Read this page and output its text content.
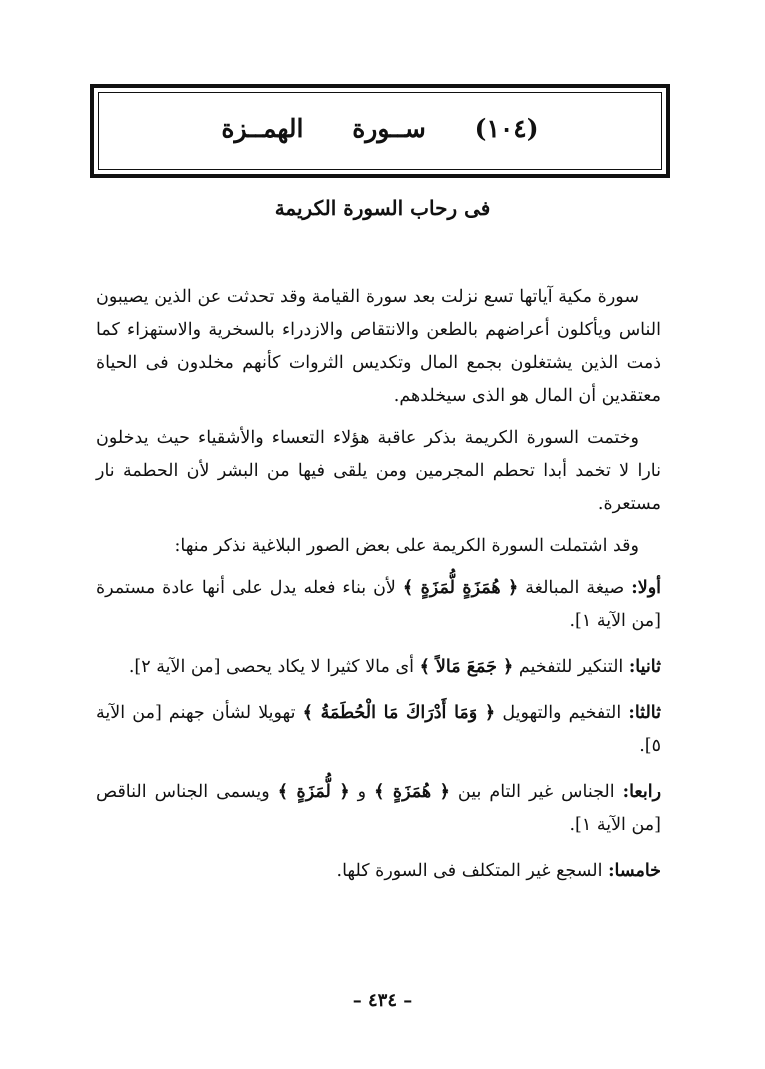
(١٠٤) ســورة الهمــزة
فى رحاب السورة الكريمة

سورة مكية آياتها تسع نزلت بعد سورة القيامة وقد تحدثت عن الذين يصيبون الناس ويأكلون أعراضهم بالطعن والانتقاص والازدراء بالسخرية والاستهزاء كما ذمت الذين يشتغلون بجمع المال وتكديس الثروات كأنهم مخلدون فى الحياة معتقدين أن المال هو الذى سيخلدهم.

وختمت السورة الكريمة بذكر عاقبة هؤلاء التعساء والأشقياء حيث يدخلون نارا لا تخمد أبدا تحطم المجرمين ومن يلقى فيها من البشر لأن الحطمة نار مستعرة.

وقد اشتملت السورة الكريمة على بعض الصور البلاغية نذكر منها:

أولا: صيغة المبالغة ﴿ هُمَزَةٍ لُّمَزَةٍ ﴾ لأن بناء فعله يدل على أنها عادة مستمرة [من الآية ١].

ثانيا: التنكير للتفخيم ﴿ جَمَعَ مَالاً ﴾ أى مالا كثيرا لا يكاد يحصى [من الآية ٢].

ثالثا: التفخيم والتهويل ﴿ وَمَا أَدْرَاكَ مَا الْحُطَمَةُ ﴾ تهويلا لشأن جهنم [من الآية ٥].

رابعا: الجناس غير التام بين ﴿ هُمَزَةٍ ﴾ و ﴿ لُّمَزَةٍ ﴾ ويسمى الجناس الناقص [من الآية ١].

خامسا: السجع غير المتكلف فى السورة كلها.

– ٤٣٤ –
